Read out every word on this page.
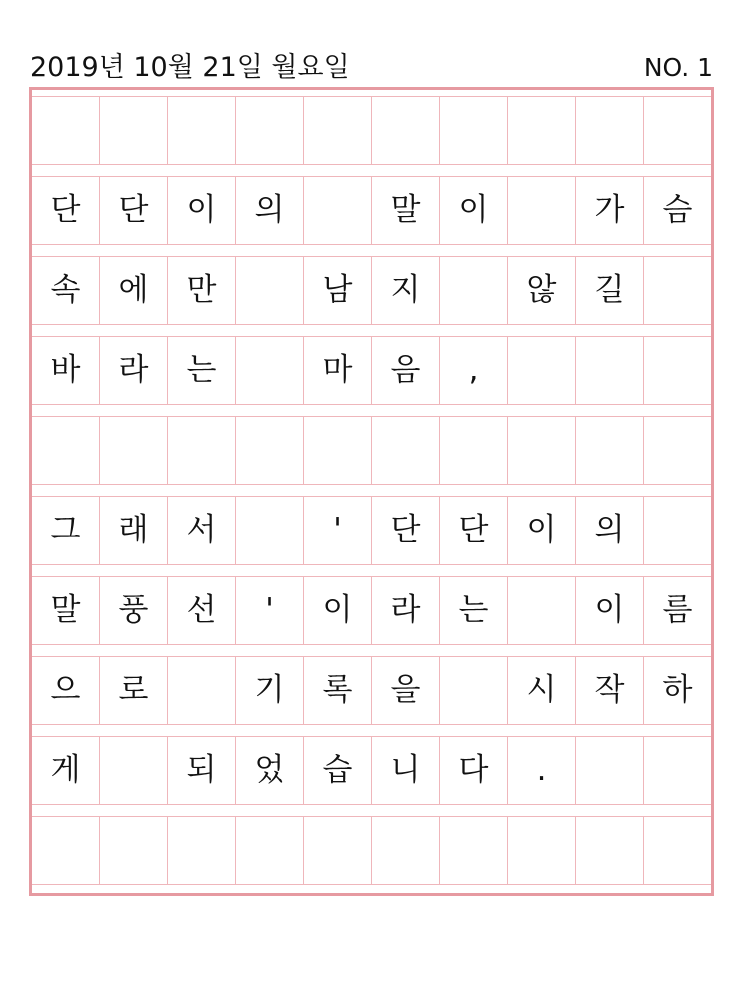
2019년 10월 21일 월요일	NO. 1
단	단	이	의	말	이	가	슴
속	에	만	남	지	않	길
바	라	는	마	음	,
그	래	서	'	단	단	이	의
말	풍	선	'	이	라	는	이	름
으	로	기	록	을	시	작	하
게	되	었	습	니	다	.
